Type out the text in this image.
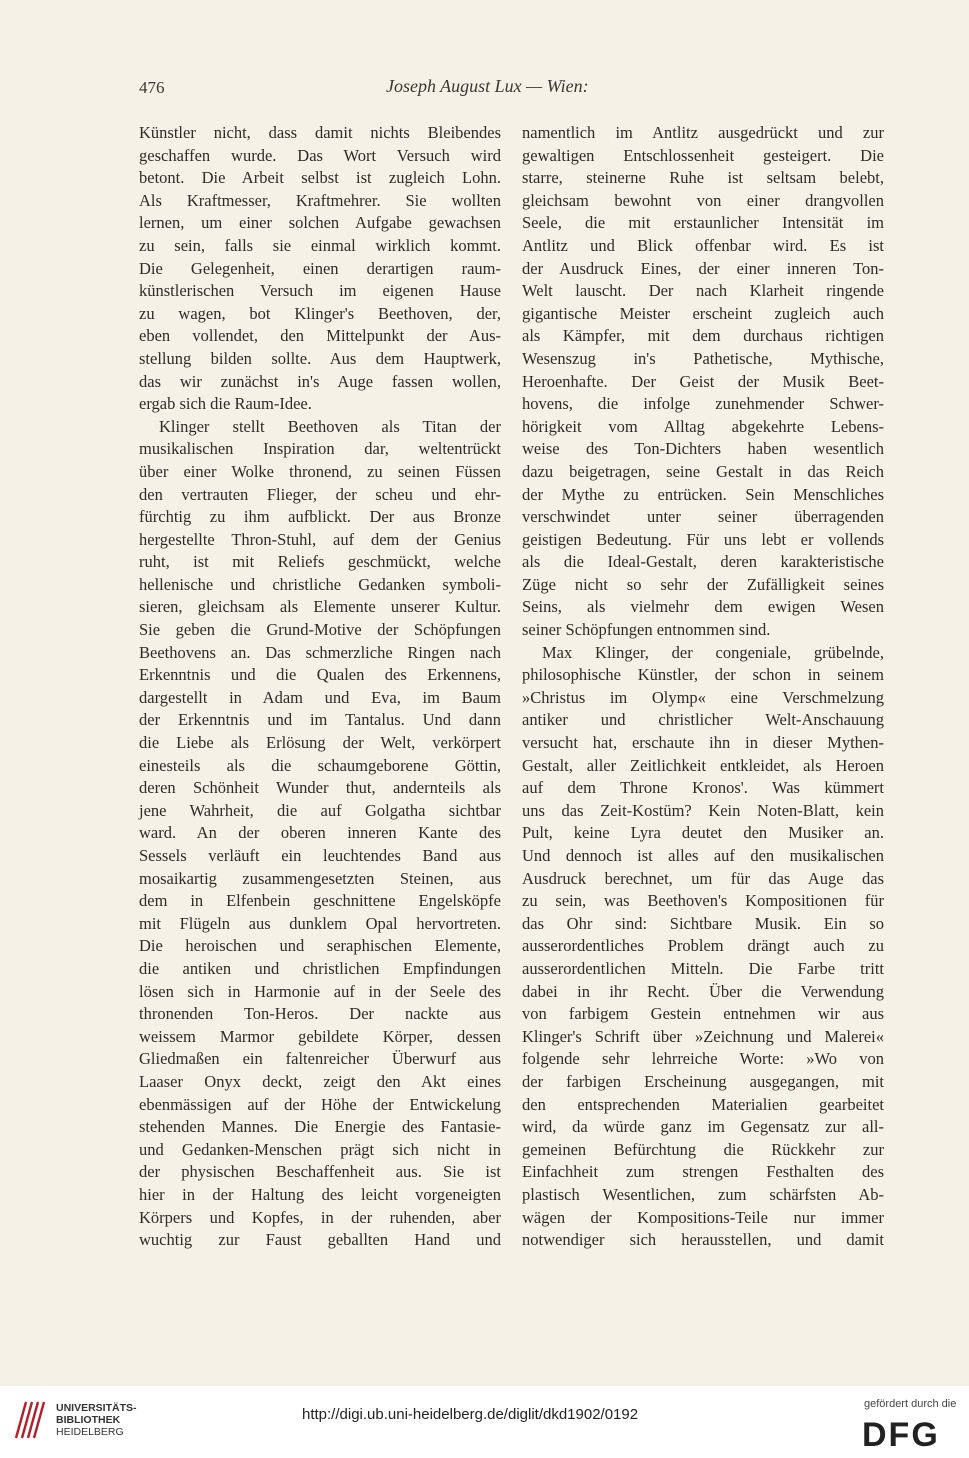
476	Joseph August Lux — Wien:
Künstler nicht, dass damit nichts Bleibendes
geschaffen wurde. Das Wort Versuch wird
betont. Die Arbeit selbst ist zugleich Lohn.
Als Kraftmesser, Kraftmehrer. Sie wollten
lernen, um einer solchen Aufgabe gewachsen
zu sein, falls sie einmal wirklich kommt.
Die Gelegenheit, einen derartigen raum-
künstlerischen Versuch im eigenen Hause
zu wagen, bot Klinger's Beethoven, der,
eben vollendet, den Mittelpunkt der Aus-
stellung bilden sollte. Aus dem Hauptwerk,
das wir zunächst in's Auge fassen wollen,
ergab sich die Raum-Idee.
Klinger stellt Beethoven als Titan der
musikalischen Inspiration dar, weltentrückt
über einer Wolke thronend, zu seinen Füssen
den vertrauten Flieger, der scheu und ehr-
fürchtig zu ihm aufblickt. Der aus Bronze
hergestellte Thron-Stuhl, auf dem der Genius
ruht, ist mit Reliefs geschmückt, welche
hellenische und christliche Gedanken symboli-
sieren, gleichsam als Elemente unserer Kultur.
Sie geben die Grund-Motive der Schöpfungen
Beethovens an. Das schmerzliche Ringen nach
Erkenntnis und die Qualen des Erkennens,
dargestellt in Adam und Eva, im Baum
der Erkenntnis und im Tantalus. Und dann
die Liebe als Erlösung der Welt, verkörpert
einesteils als die schaumgeborene Göttin,
deren Schönheit Wunder thut, andernteils als
jene Wahrheit, die auf Golgatha sichtbar
ward. An der oberen inneren Kante des
Sessels verläuft ein leuchtendes Band aus
mosaikartig zusammengesetzten Steinen, aus
dem in Elfenbein geschnittene Engelsköpfe
mit Flügeln aus dunklem Opal hervortreten.
Die heroischen und seraphischen Elemente,
die antiken und christlichen Empfindungen
lösen sich in Harmonie auf in der Seele des
thronenden Ton-Heros. Der nackte aus
weissem Marmor gebildete Körper, dessen
Gliedmaßen ein faltenreicher Überwurf aus
Laaser Onyx deckt, zeigt den Akt eines
ebenmässigen auf der Höhe der Entwickelung
stehenden Mannes. Die Energie des Fantasie-
und Gedanken-Menschen prägt sich nicht in
der physischen Beschaffenheit aus. Sie ist
hier in der Haltung des leicht vorgeneigten
Körpers und Kopfes, in der ruhenden, aber
wuchtig zur Faust geballten Hand und
namentlich im Antlitz ausgedrückt und zur
gewaltigen Entschlossenheit gesteigert. Die
starre, steinerne Ruhe ist seltsam belebt,
gleichsam bewohnt von einer drangvollen
Seele, die mit erstaunlicher Intensität im
Antlitz und Blick offenbar wird. Es ist
der Ausdruck Eines, der einer inneren Ton-
Welt lauscht. Der nach Klarheit ringende
gigantische Meister erscheint zugleich auch
als Kämpfer, mit dem durchaus richtigen
Wesenszug in's Pathetische, Mythische,
Heroenhafte. Der Geist der Musik Beet-
hovens, die infolge zunehmender Schwer-
hörigkeit vom Alltag abgekehrte Lebens-
weise des Ton-Dichters haben wesentlich
dazu beigetragen, seine Gestalt in das Reich
der Mythe zu entrücken. Sein Menschliches
verschwindet unter seiner überragenden
geistigen Bedeutung. Für uns lebt er vollends
als die Ideal-Gestalt, deren karakteristische
Züge nicht so sehr der Zufälligkeit seines
Seins, als vielmehr dem ewigen Wesen
seiner Schöpfungen entnommen sind.
Max Klinger, der congeniale, grübelnde,
philosophische Künstler, der schon in seinem
»Christus im Olymp« eine Verschmelzung
antiker und christlicher Welt-Anschauung
versucht hat, erschaute ihn in dieser Mythen-
Gestalt, aller Zeitlichkeit entkleidet, als Heroen
auf dem Throne Kronos'. Was kümmert
uns das Zeit-Kostüm? Kein Noten-Blatt, kein
Pult, keine Lyra deutet den Musiker an.
Und dennoch ist alles auf den musikalischen
Ausdruck berechnet, um für das Auge das
zu sein, was Beethoven's Kompositionen für
das Ohr sind: Sichtbare Musik. Ein so
ausserordentliches Problem drängt auch zu
ausserordentlichen Mitteln. Die Farbe tritt
dabei in ihr Recht. Über die Verwendung
von farbigem Gestein entnehmen wir aus
Klinger's Schrift über »Zeichnung und Malerei«
folgende sehr lehrreiche Worte: »Wo von
der farbigen Erscheinung ausgegangen, mit
den entsprechenden Materialien gearbeitet
wird, da würde ganz im Gegensatz zur all-
gemeinen Befürchtung die Rückkehr zur
Einfachheit zum strengen Festhalten des
plastisch Wesentlichen, zum schärfsten Ab-
wägen der Kompositions-Teile nur immer
notwendiger sich herausstellen, und damit
UNIVERSITÄTS-
BIBLIOTHEK
HEIDELBERG
http://digi.ub.uni-heidelberg.de/diglit/dkd1902/0192
gefördert durch die
DFG
